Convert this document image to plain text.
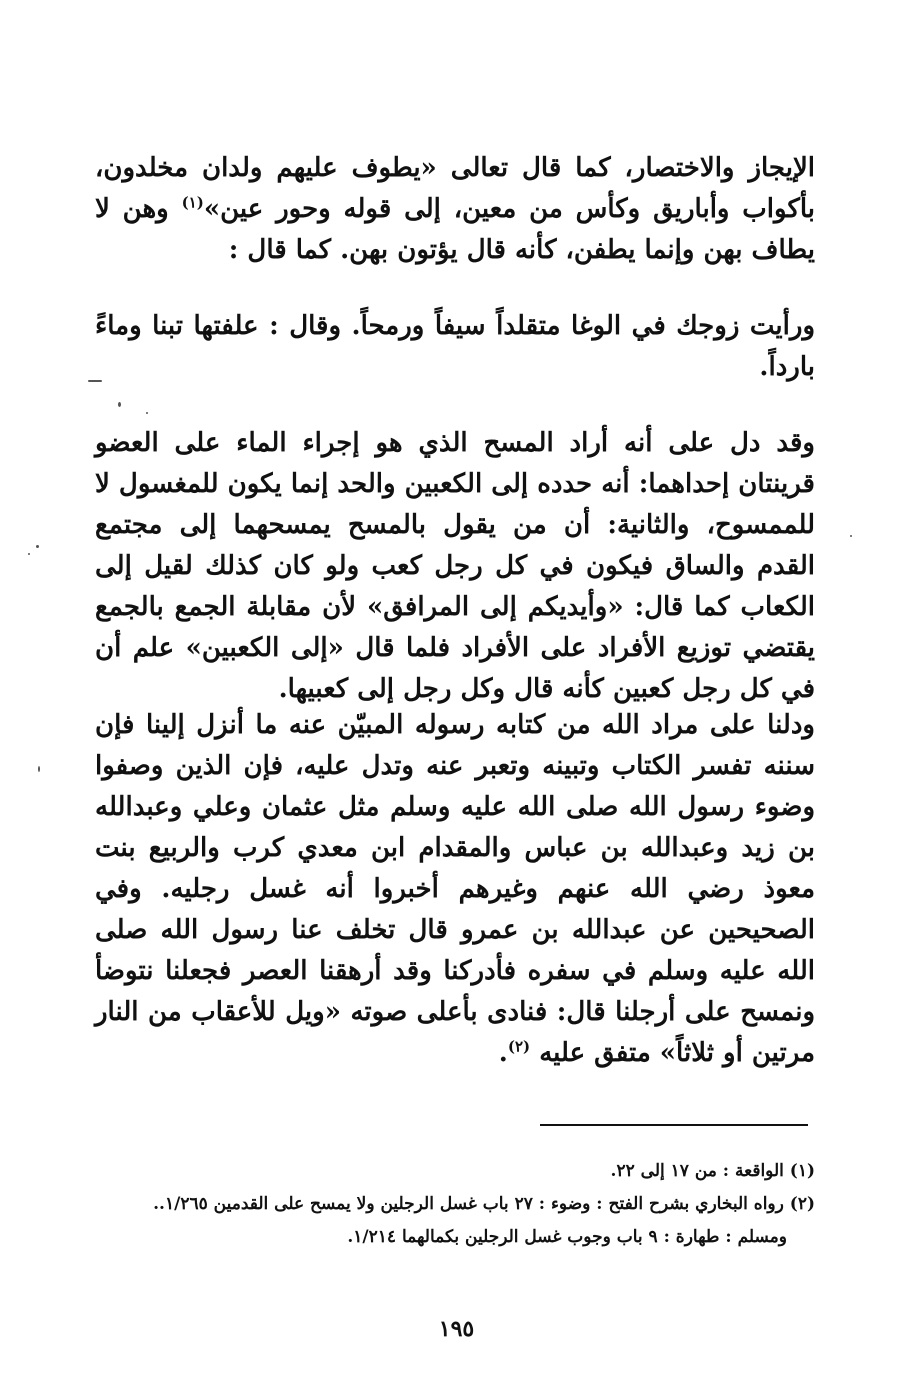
الإيجاز والاختصار، كما قال تعالى «يطوف عليهم ولدان مخلدون، بأكواب وأباريق وكأس من معين، إلى قوله وحور عين»$^{(١)}$ وهن لا يطاف بهن وإنما يطفن، كأنه قال يؤتون بهن. كما قال :

ورأيت زوجك في الوغا متقلداً سيفاً ورمحاً. وقال : علفتها تبنا وماءً بارداً.

وقد دل على أنه أراد المسح الذي هو إجراء الماء على العضو قرينتان إحداهما: أنه حدده إلى الكعبين والحد إنما يكون للمغسول لا للممسوح، والثانية: أن من يقول بالمسح يمسحهما إلى مجتمع القدم والساق فيكون في كل رجل كعب ولو كان كذلك لقيل إلى الكعاب كما قال: «وأيديكم إلى المرافق» لأن مقابلة الجمع بالجمع يقتضي توزيع الأفراد على الأفراد فلما قال «إلى الكعبين» علم أن في كل رجل كعبين كأنه قال وكل رجل إلى كعبيها.

ودلنا على مراد الله من كتابه رسوله المبيّن عنه ما أنزل إلينا فإن سننه تفسر الكتاب وتبينه وتعبر عنه وتدل عليه، فإن الذين وصفوا وضوء رسول الله صلى الله عليه وسلم مثل عثمان وعلي وعبدالله بن زيد وعبدالله بن عباس والمقدام ابن معدي كرب والربيع بنت معوذ رضي الله عنهم وغيرهم أخبروا أنه غسل رجليه. وفي الصحيحين عن عبدالله بن عمرو قال تخلف عنا رسول الله صلى الله عليه وسلم في سفره فأدركنا وقد أرهقنا العصر فجعلنا نتوضأ ونمسح على أرجلنا قال: فنادى بأعلى صوته «ويل للأعقاب من النار مرتين أو ثلاثاً» متفق عليه $^{(٢)}$.

(١) الواقعة : من ١٧ إلى ٢٢.

(٢) رواه البخاري بشرح الفتح : وضوء : ٢٧ باب غسل الرجلين ولا يمسح على القدمين ١/٢٦٥..

ومسلم : طهارة : ٩ باب وجوب غسل الرجلين بكمالهما ١/٢١٤.

١٩٥
